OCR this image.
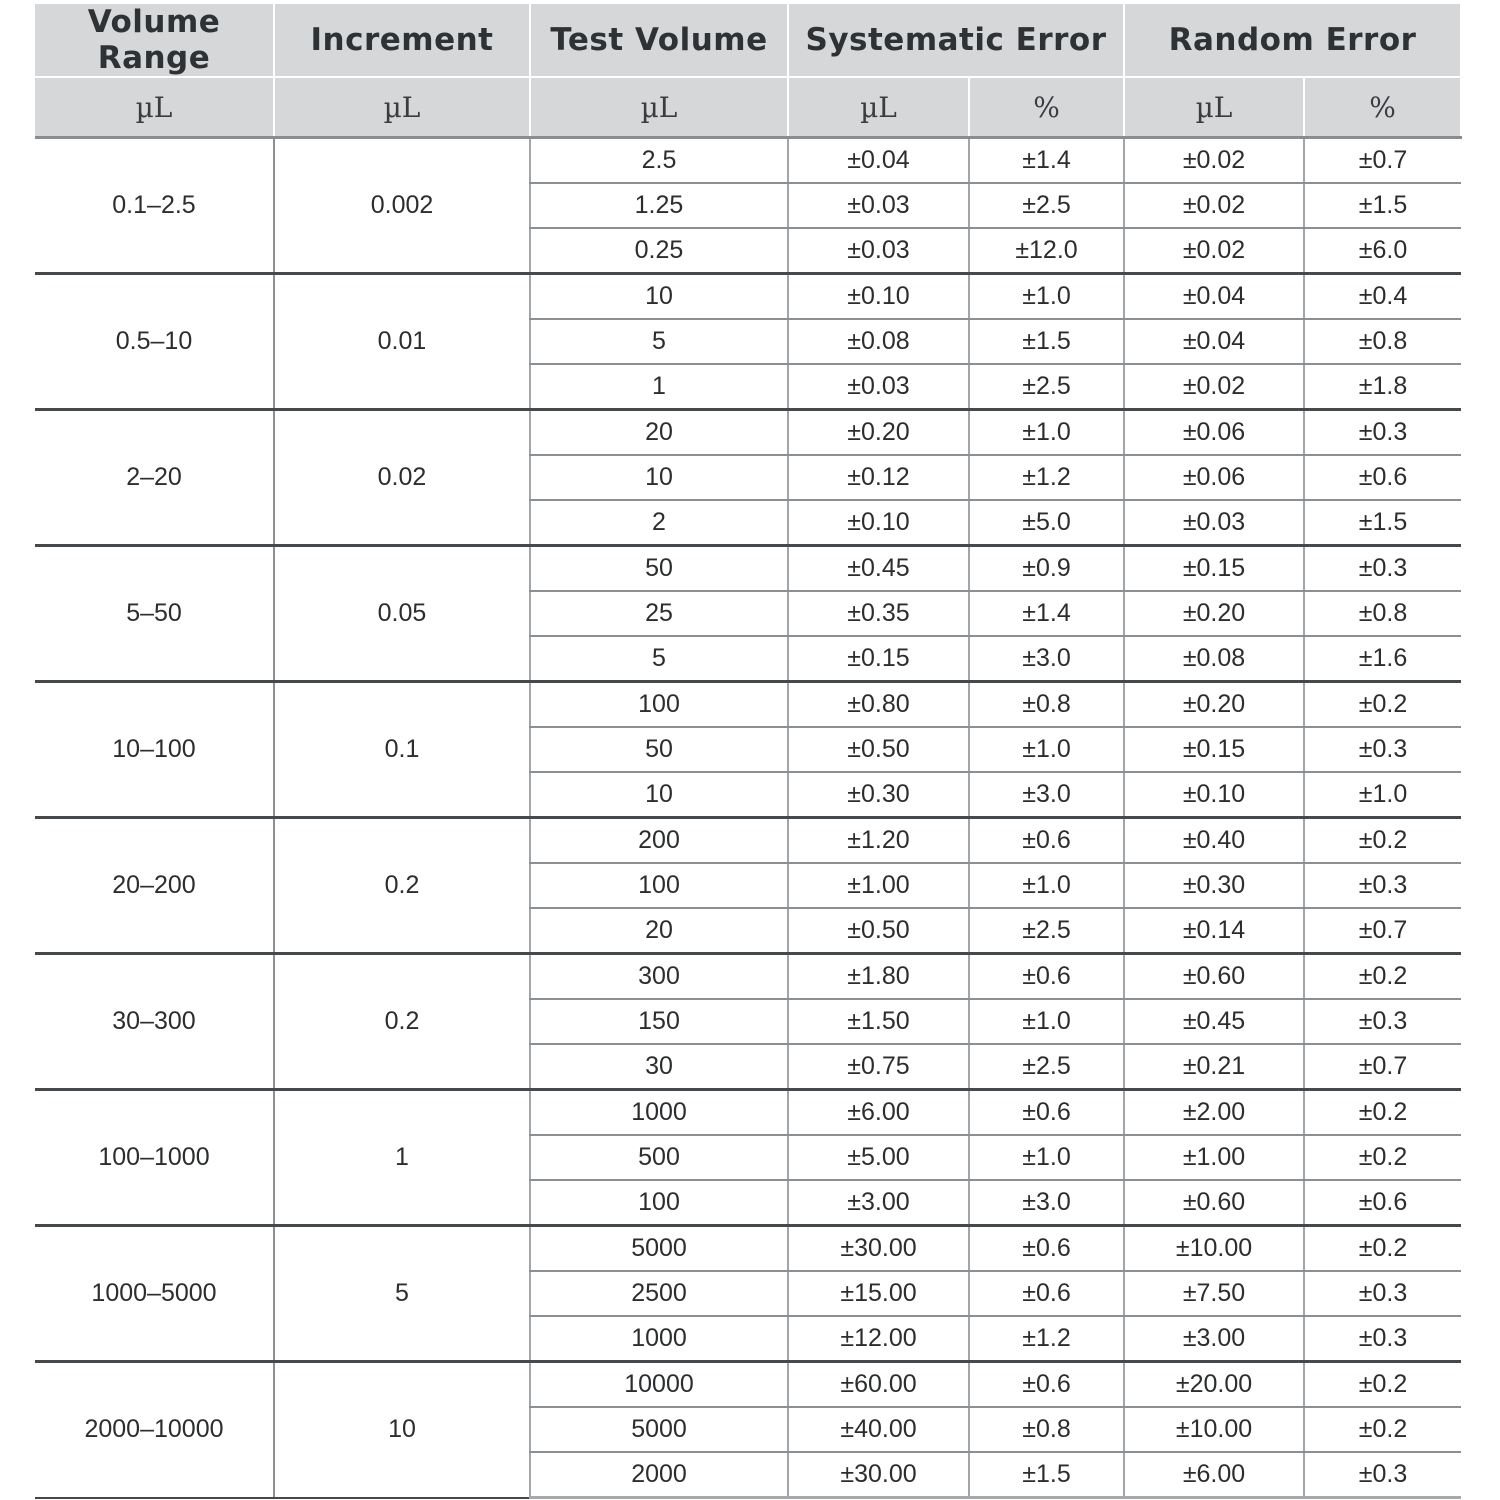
Volume Range	Increment	Test Volume	Systematic Error		Random Error	
µL	µL	µL	µL	%	µL	%
0.1–2.5	0.002	2.5	±0.04	±1.4	±0.02	±0.7
		1.25	±0.03	±2.5	±0.02	±1.5
		0.25	±0.03	±12.0	±0.02	±6.0
0.5–10	0.01	10	±0.10	±1.0	±0.04	±0.4
		5	±0.08	±1.5	±0.04	±0.8
		1	±0.03	±2.5	±0.02	±1.8
2–20	0.02	20	±0.20	±1.0	±0.06	±0.3
		10	±0.12	±1.2	±0.06	±0.6
		2	±0.10	±5.0	±0.03	±1.5
5–50	0.05	50	±0.45	±0.9	±0.15	±0.3
		25	±0.35	±1.4	±0.20	±0.8
		5	±0.15	±3.0	±0.08	±1.6
10–100	0.1	100	±0.80	±0.8	±0.20	±0.2
		50	±0.50	±1.0	±0.15	±0.3
		10	±0.30	±3.0	±0.10	±1.0
20–200	0.2	200	±1.20	±0.6	±0.40	±0.2
		100	±1.00	±1.0	±0.30	±0.3
		20	±0.50	±2.5	±0.14	±0.7
30–300	0.2	300	±1.80	±0.6	±0.60	±0.2
		150	±1.50	±1.0	±0.45	±0.3
		30	±0.75	±2.5	±0.21	±0.7
100–1000	1	1000	±6.00	±0.6	±2.00	±0.2
		500	±5.00	±1.0	±1.00	±0.2
		100	±3.00	±3.0	±0.60	±0.6
1000–5000	5	5000	±30.00	±0.6	±10.00	±0.2
		2500	±15.00	±0.6	±7.50	±0.3
		1000	±12.00	±1.2	±3.00	±0.3
2000–10000	10	10000	±60.00	±0.6	±20.00	±0.2
		5000	±40.00	±0.8	±10.00	±0.2
		2000	±30.00	±1.5	±6.00	±0.3
